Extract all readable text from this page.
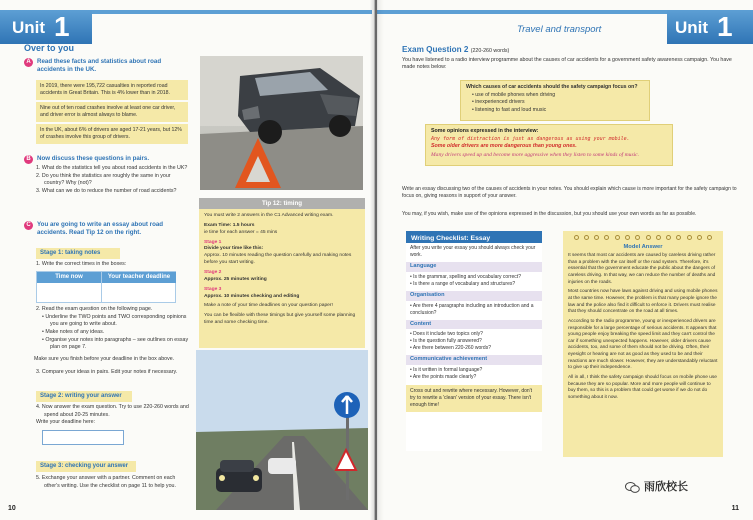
Unit 1
Over to you
A	Read these facts and statistics about road
accidents in the UK.
In 2019, there were 195,722 casualties in reported road accidents in Great Britain. This is 4% lower than in 2018.
Nine out of ten road crashes involve at least one car driver, and driver error is almost always to blame.
In the UK, about 6% of drivers are aged 17-21 years, but 12% of crashes involve this group of drivers.
B	Now discuss these questions in pairs.
1. What do the statistics tell you about road accidents in the UK?
2. Do you think the statistics are roughly the same in your country? Why (not)?
3. What can we do to reduce the number of road accidents?
C	You are going to write an essay about road
accidents. Read Tip 12 on the right.
Stage 1: taking notes
1. Write the correct times in the boxes:
Time now	Your teacher deadline
2. Read the exam question on the following page.
• Underline the TWO points and TWO corresponding opinions you are going to write about.
• Make notes of any ideas.
• Organise your notes into paragraphs – see outlines on essay plan on page 7.
Make sure you finish before your deadline in the box above.
3. Compare your ideas in pairs. Edit your notes if necessary.
Stage 2: writing your answer
4. Now answer the exam question. Try to use 220-260 words and spend about 20-25 minutes.
Write your deadline here:
Stage 3: checking your answer
5. Exchange your answer with a partner. Comment on each other's writing. Use the checklist on page 11 to help you.
Tip 12: timing

You must write 2 answers in the C1 Advanced writing exam.

Exam Time: 1.5 hours
ie time for each answer = 45 mins

Stage 1
Divide your time like this:
Approx. 10 minutes reading the question carefully and making notes before you start writing.

Stage 2
Approx. 25 minutes writing

Stage 3
Approx. 10 minutes checking and editing

Make a note of your time deadlines on your question paper!

You can be flexible with these timings but give yourself some planning time and some checking time.

10
Travel and transport	Unit 1
Exam Question 2 (220-260 words)
You have listened to a radio interview programme about the causes of car accidents for a government safety awareness campaign. You have made notes below:
Which causes of car accidents should the safety campaign focus on?
• use of mobile phones when driving
• inexperienced drivers
• listening to fast and loud music
Some opinions expressed in the interview:
Any form of distraction is just as dangerous as using your mobile.
Some older drivers are more dangerous than young ones.
Many drivers speed up and become more aggressive when they listen to some kinds of music.
Write an essay discussing two of the causes of accidents in your notes. You should explain which cause is more important for the safety campaign to focus on, giving reasons in support of your answer.
You may, if you wish, make use of the opinions expressed in the discussion, but you should use your own words as far as possible.
Writing Checklist: Essay

After you write your essay you should always check your work.

Language
• Is the grammar, spelling and vocabulary correct?
• Is there a range of vocabulary and structures?
Organisation
• Are there 4 paragraphs including an introduction and a conclusion?
Content
• Does it include two topics only?
• Is the question fully answered?
• Are there between 220-260 words?
Communicative achievement
• Is it written in formal language?
• Are the points made clearly?
Cross out and rewrite where necessary. However, don't try to rewrite a 'clean' version of your essay. There isn't enough time!
Model Answer

It seems that most car accidents are caused by careless driving rather than a problem with the car itself or the road system. Therefore, it's essential that the government educate the public about the dangers of careless driving. In that way, we can reduce the number of deaths and injuries on the roads.

Most countries now have laws against driving and using mobile phones at the same time. However, the problem is that many people ignore the law and the police also find it difficult to enforce it. Drivers must realise that they should concentrate on the road at all times.

According to the radio programme, young or inexperienced drivers are responsible for a large percentage of serious accidents. It appears that young people enjoy breaking the speed limit and they can't control the car if something unexpected happens. However, older drivers cause accidents, too, and some of them should not be driving. Often, their eyesight or hearing are not as good as they used to be and their reactions are much slower. However, they are understandably reluctant to give up their independence.

All in all, I think the safety campaign should focus on mobile phone use because they are so popular. More and more people will continue to buy them, so this is a problem that could get worse if we do not do something about it now.

雨欣校长
11
